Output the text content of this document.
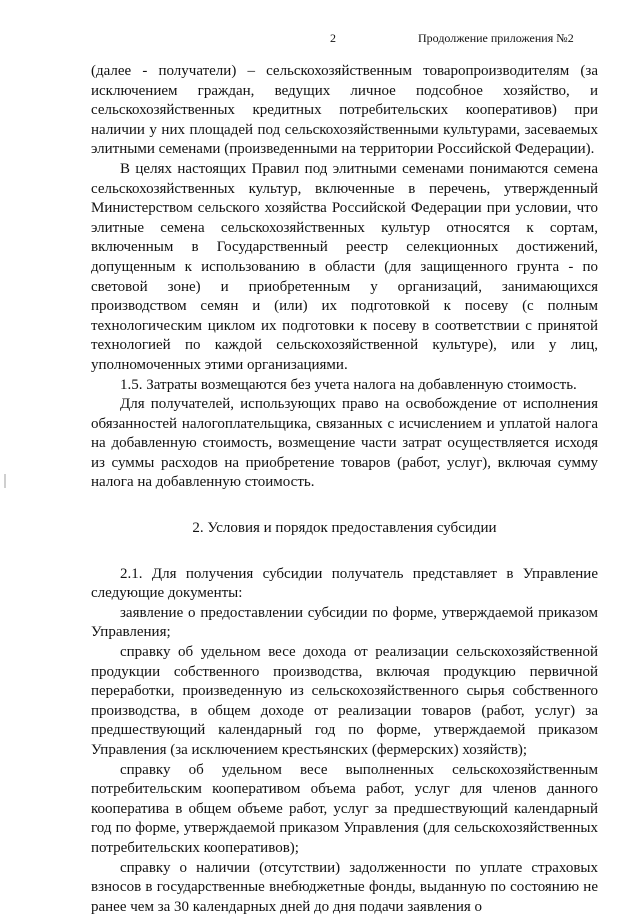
2	Продолжение приложения №2

(далее - получатели) – сельскохозяйственным товаропроизводителям (за исключением граждан, ведущих личное подсобное хозяйство, и сельскохозяйственных кредитных потребительских кооперативов) при наличии у них площадей под сельскохозяйственными культурами, засеваемых элитными семенами (произведенными на территории Российской Федерации).

В целях настоящих Правил под элитными семенами понимаются семена сельскохозяйственных культур, включенные в перечень, утвержденный Министерством сельского хозяйства Российской Федерации при условии, что элитные семена сельскохозяйственных культур относятся к сортам, включенным в Государственный реестр селекционных достижений, допущенным к использованию в области (для защищенного грунта - по световой зоне) и приобретенным у организаций, занимающихся производством семян и (или) их подготовкой к посеву (с полным технологическим циклом их подготовки к посеву в соответствии с принятой технологией по каждой сельскохозяйственной культуре), или у лиц, уполномоченных этими организациями.

1.5. Затраты возмещаются без учета налога на добавленную стоимость.

Для получателей, использующих право на освобождение от исполнения обязанностей налогоплательщика, связанных с исчислением и уплатой налога на добавленную стоимость, возмещение части затрат осуществляется исходя из суммы расходов на приобретение товаров (работ, услуг), включая сумму налога на добавленную стоимость.

2. Условия и порядок предоставления субсидии

2.1. Для получения субсидии получатель представляет в Управление следующие документы:

заявление о предоставлении субсидии по форме, утверждаемой приказом Управления;

справку об удельном весе дохода от реализации сельскохозяйственной продукции собственного производства, включая продукцию первичной переработки, произведенную из сельскохозяйственного сырья собственного производства, в общем доходе от реализации товаров (работ, услуг) за предшествующий календарный год по форме, утверждаемой приказом Управления (за исключением крестьянских (фермерских) хозяйств);

справку об удельном весе выполненных сельскохозяйственным потребительским кооперативом объема работ, услуг для членов данного кооператива в общем объеме работ, услуг за предшествующий календарный год по форме, утверждаемой приказом Управления (для сельскохозяйственных потребительских кооперативов);

справку о наличии (отсутствии) задолженности по уплате страховых взносов в государственные внебюджетные фонды, выданную по состоянию не ранее чем за 30 календарных дней до дня подачи заявления о
